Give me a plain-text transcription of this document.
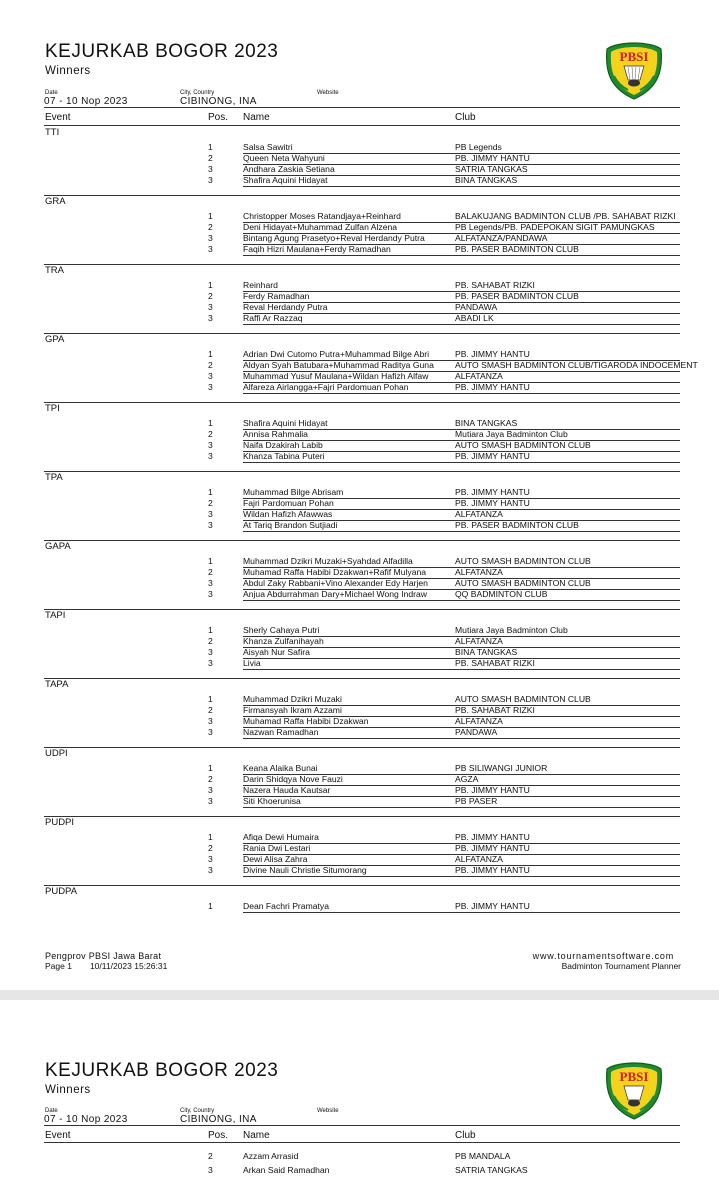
KEJURKAB BOGOR 2023
Winners
Date
07 - 10 Nop 2023
City, Country
CIBINONG, INA
Website
Event	Pos. Name	Club
PBSI
TTI
1	Salsa Sawitri	PB Legends
2	Queen Neta Wahyuni	PB. JIMMY HANTU
3	Andhara Zaskia Setiana	SATRIA TANGKAS
3	Shafira Aquini Hidayat	BINA TANGKAS
GRA
1	Christopper Moses Ratandjaya+Reinhard	BALAKUJANG BADMINTON CLUB /PB. SAHABAT RIZKI
2	Deni Hidayat+Muhammad Zulfan Alzena	PB Legends/PB. PADEPOKAN SIGIT PAMUNGKAS
3	Bintang Agung Prasetyo+Reval Herdandy Putra	ALFATANZA/PANDAWA
3	Faqih Hizri Maulana+Ferdy Ramadhan	PB. PASER BADMINTON CLUB
TRA
1	Reinhard	PB. SAHABAT RIZKI
2	Ferdy Ramadhan	PB. PASER BADMINTON CLUB
3	Reval Herdandy Putra	PANDAWA
3	Raffi Ar Razzaq	ABADI LK
GPA
1	Adrian Dwi Cutomo Putra+Muhammad Bilge Abri	PB. JIMMY HANTU
2	Aldyan Syah Batubara+Muhammad Raditya Guna	AUTO SMASH BADMINTON CLUB/TIGARODA INDOCEMENT
3	Muhammad Yusuf Maulana+Wildan Hafizh Alfaw	ALFATANZA
3	Alfareza Airlangga+Fajri Pardomuan Pohan	PB. JIMMY HANTU
TPI
1	Shafira Aquini Hidayat	BINA TANGKAS
2	Annisa Rahmalia	Mutiara Jaya Badminton Club
3	Naifa Dzakirah Labib	AUTO SMASH BADMINTON CLUB
3	Khanza Tabina Puteri	PB. JIMMY HANTU
TPA
1	Muhammad Bilge Abrisam	PB. JIMMY HANTU
2	Fajri Pardomuan Pohan	PB. JIMMY HANTU
3	Wildan Hafizh Afawwas	ALFATANZA
3	At Tariq Brandon Sutjiadi	PB. PASER BADMINTON CLUB
GAPA
1	Muhammad Dzikri Muzaki+Syahdad Alfadilla	AUTO SMASH BADMINTON CLUB
2	Muhamad Raffa Habibi Dzakwan+Rafif Mulyana	ALFATANZA
3	Abdul Zaky Rabbani+Vino Alexander Edy Harjen	AUTO SMASH BADMINTON CLUB
3	Anjua Abdurrahman Dary+Michael Wong Indraw	QQ BADMINTON CLUB
TAPI
1	Sherly Cahaya Putri	Mutiara Jaya Badminton Club
2	Khanza Zulfanihayah	ALFATANZA
3	Aisyah Nur Safira	BINA TANGKAS
3	Livia	PB. SAHABAT RIZKI
TAPA
1	Muhammad Dzikri Muzaki	AUTO SMASH BADMINTON CLUB
2	Firmansyah Ikram Azzami	PB. SAHABAT RIZKI
3	Muhamad Raffa Habibi Dzakwan	ALFATANZA
3	Nazwan Ramadhan	PANDAWA
UDPI
1	Keana Alaika Bunai	PB SILIWANGI JUNIOR
2	Darin Shidqya Nove Fauzi	AGZA
3	Nazera Hauda Kautsar	PB. JIMMY HANTU
3	Siti Khoerunisa	PB PASER
PUDPI
1	Afiqa Dewi Humaira	PB. JIMMY HANTU
2	Rania Dwi Lestari	PB. JIMMY HANTU
3	Dewi Alisa Zahra	ALFATANZA
3	Divine Nauli Christie Situmorang	PB. JIMMY HANTU
PUDPA
1	Dean Fachri Pramatya	PB. JIMMY HANTU
Pengprov PBSI Jawa Barat
Page 1 10/11/2023 15:26:31
www.tournamentsoftware.com
Badminton Tournament Planner
KEJURKAB BOGOR 2023
Winners
Date
07 - 10 Nop 2023
City, Country
CIBINONG, INA
Website
Event	Pos. Name	Club
PBSI
2	Azzam Arrasid	PB MANDALA
3	Arkan Said Ramadhan	SATRIA TANGKAS
